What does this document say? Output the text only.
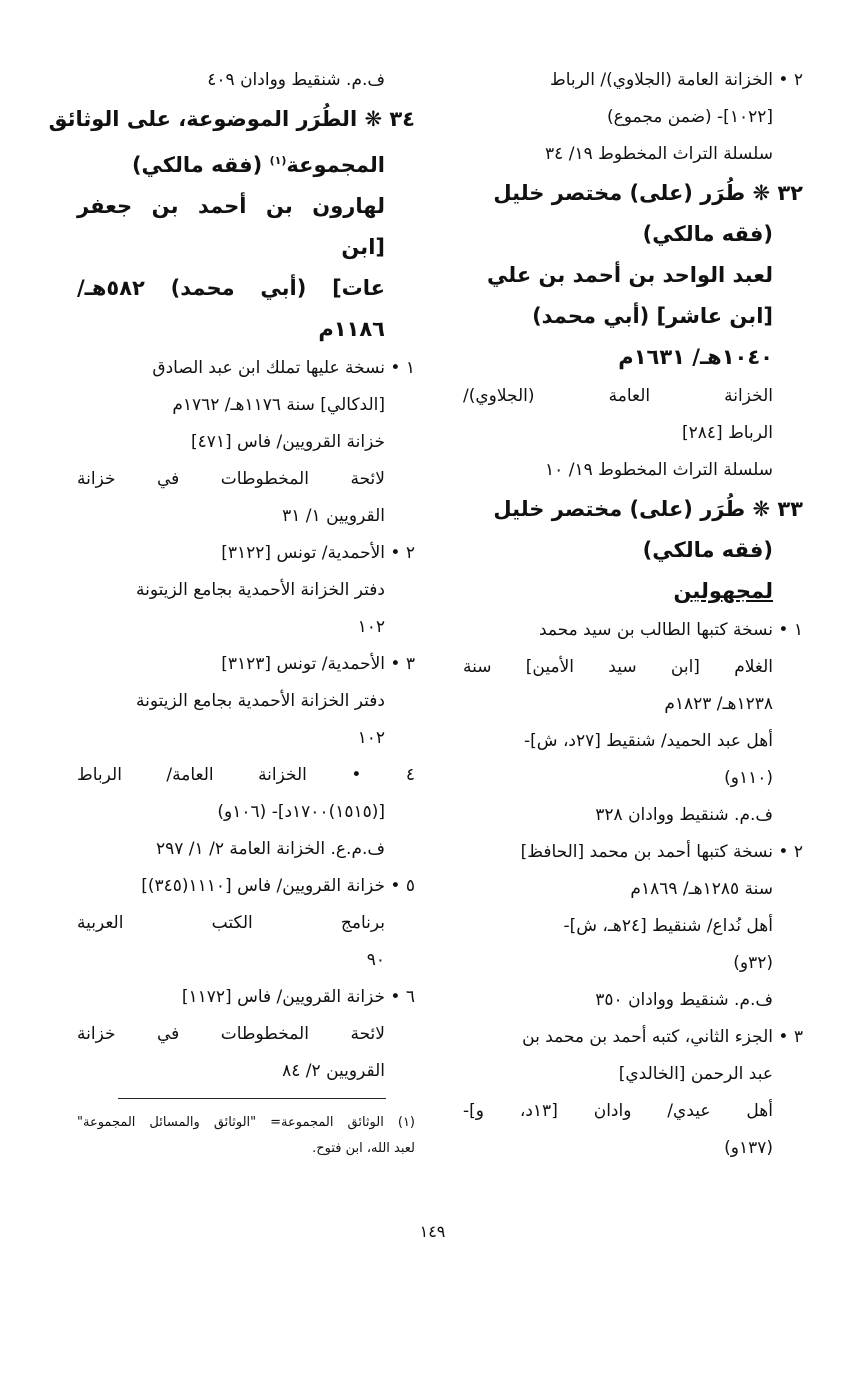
٢ • الخزانة العامة (الجلاوي)/ الرباط
[١٠٢٢]- (ضمن مجموع)
سلسلة التراث المخطوط ١٩/ ٣٤
٣٢ ❋ طُرَر (على) مختصر خليل
(فقه مالكي)
لعبد الواحد بن أحمد بن علي
[ابن عاشر] (أبي محمد)
١٠٤٠هـ/ ١٦٣١م
الخزانة العامة (الجلاوي)/
الرباط [٢٨٤]
سلسلة التراث المخطوط ١٩/ ١٠
٣٣ ❋ طُرَر (على) مختصر خليل
(فقه مالكي)
لمجهولين
١ • نسخة كتبها الطالب بن سيد محمد
الغلام [ابن سيد الأمين] سنة
١٢٣٨هـ/ ١٨٢٣م
أهل عبد الحميد/ شنقيط [٢٧د، ش]-
(١١٠و)
ف.م. شنقيط ووادان ٣٢٨
٢ • نسخة كتبها أحمد بن محمد [الحافظ]
سنة ١٢٨٥هـ/ ١٨٦٩م
أهل نُداع/ شنقيط [٢٤هـ، ش]-
(٣٢و)
ف.م. شنقيط ووادان ٣٥٠
٣ • الجزء الثاني، كتبه أحمد بن محمد بن
عبد الرحمن [الخالدي]
أهل عيدي/ وادان [١٣د، و]-
(١٣٧و)
ف.م. شنقيط ووادان ٤٠٩
٣٤ ❋ الطُرَر الموضوعة، على الوثائق
المجموعة$^{(١)}$ (فقه مالكي)
لهارون بن أحمد بن جعفر [ابن
عات] (أبي محمد) ٥٨٢هـ/
١١٨٦م
١ • نسخة عليها تملك ابن عبد الصادق
[الدكالي] سنة ١١٧٦هـ/ ١٧٦٢م
خزانة القرويين/ فاس [٤٧١]
لائحة المخطوطات في خزانة
القرويين ١/ ٣١
٢ • الأحمدية/ تونس [٣١٢٢]
دفتر الخزانة الأحمدية بجامع الزيتونة
١٠٢
٣ • الأحمدية/ تونس [٣١٢٣]
دفتر الخزانة الأحمدية بجامع الزيتونة
١٠٢
٤ • الخزانة العامة/ الرباط
[(١٥١٥)١٧٠٠د]- (١٠٦و)
ف.م.ع. الخزانة العامة ٢/ ١/ ٢٩٧
٥ • خزانة القرويين/ فاس [١١١٠(٣٤٥)]
برنامج الكتب العربية
٩٠
٦ • خزانة القرويين/ فاس [١١٧٢]
لائحة المخطوطات في خزانة
القرويين ٢/ ٨٤
(١) الوثائق المجموعة= "الوثائق والمسائل المجموعة"
لعبد الله، ابن فتوح.
١٤٩
